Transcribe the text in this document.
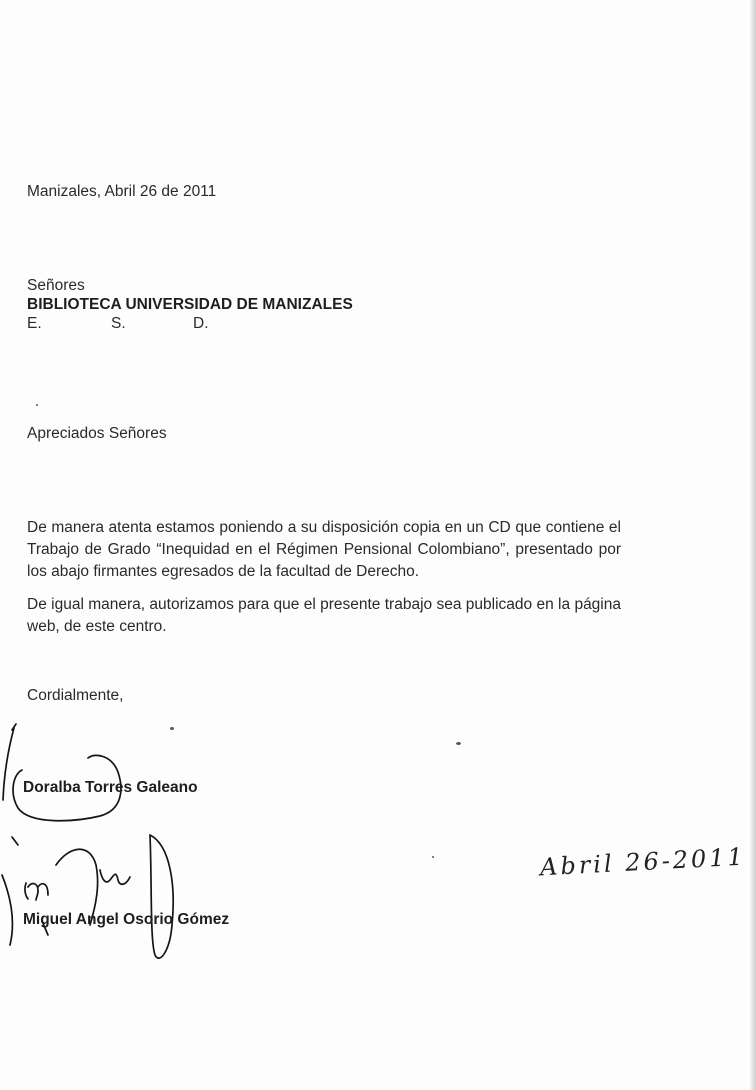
Manizales, Abril 26 de 2011
Señores
BIBLIOTECA UNIVERSIDAD DE MANIZALES
E.	S.	D.
Apreciados Señores
De manera atenta estamos poniendo a su disposición copia en un CD que contiene el Trabajo de Grado “Inequidad en el Régimen Pensional Colombiano”, presentado por los abajo firmantes egresados de la facultad de Derecho.
De igual manera, autorizamos para que el presente trabajo sea publicado en la página web, de este centro.
Cordialmente,
Doralba Torres Galeano
Miguel Angel Osorio Gómez
Abril 26-2011
